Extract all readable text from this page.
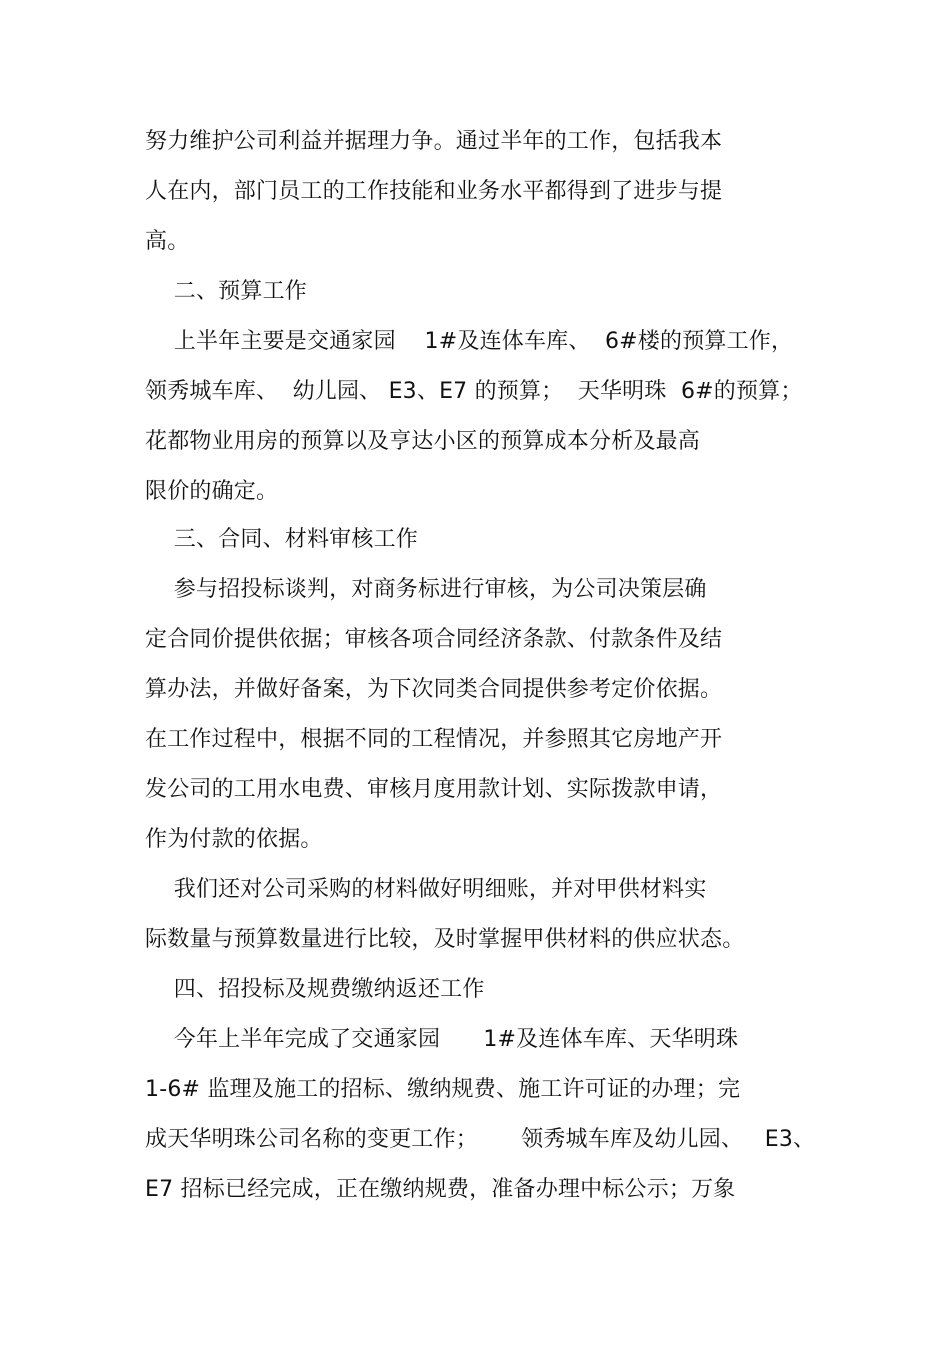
努力维护公司利益并据理力争。通过半年的工作，包括我本
人在内，部门员工的工作技能和业务水平都得到了进步与提
高。
二、预算工作
上半年主要是交通家园    1#及连体车库、  6#楼的预算工作，
领秀城车库、  幼儿园、 E3、E7 的预算；  天华明珠  6#的预算；
花都物业用房的预算以及亨达小区的预算成本分析及最高
限价的确定。
三、合同、材料审核工作
参与招投标谈判，对商务标进行审核，为公司决策层确
定合同价提供依据；审核各项合同经济条款、付款条件及结
算办法，并做好备案，为下次同类合同提供参考定价依据。
在工作过程中，根据不同的工程情况，并参照其它房地产开
发公司的工用水电费、审核月度用款计划、实际拨款申请，
作为付款的依据。
我们还对公司采购的材料做好明细账，并对甲供材料实
际数量与预算数量进行比较，及时掌握甲供材料的供应状态。
四、招投标及规费缴纳返还工作
今年上半年完成了交通家园      1#及连体车库、天华明珠
1-6# 监理及施工的招标、缴纳规费、施工许可证的办理；完
成天华明珠公司名称的变更工作；      领秀城车库及幼儿园、   E3、
E7 招标已经完成，正在缴纳规费，准备办理中标公示；万象
